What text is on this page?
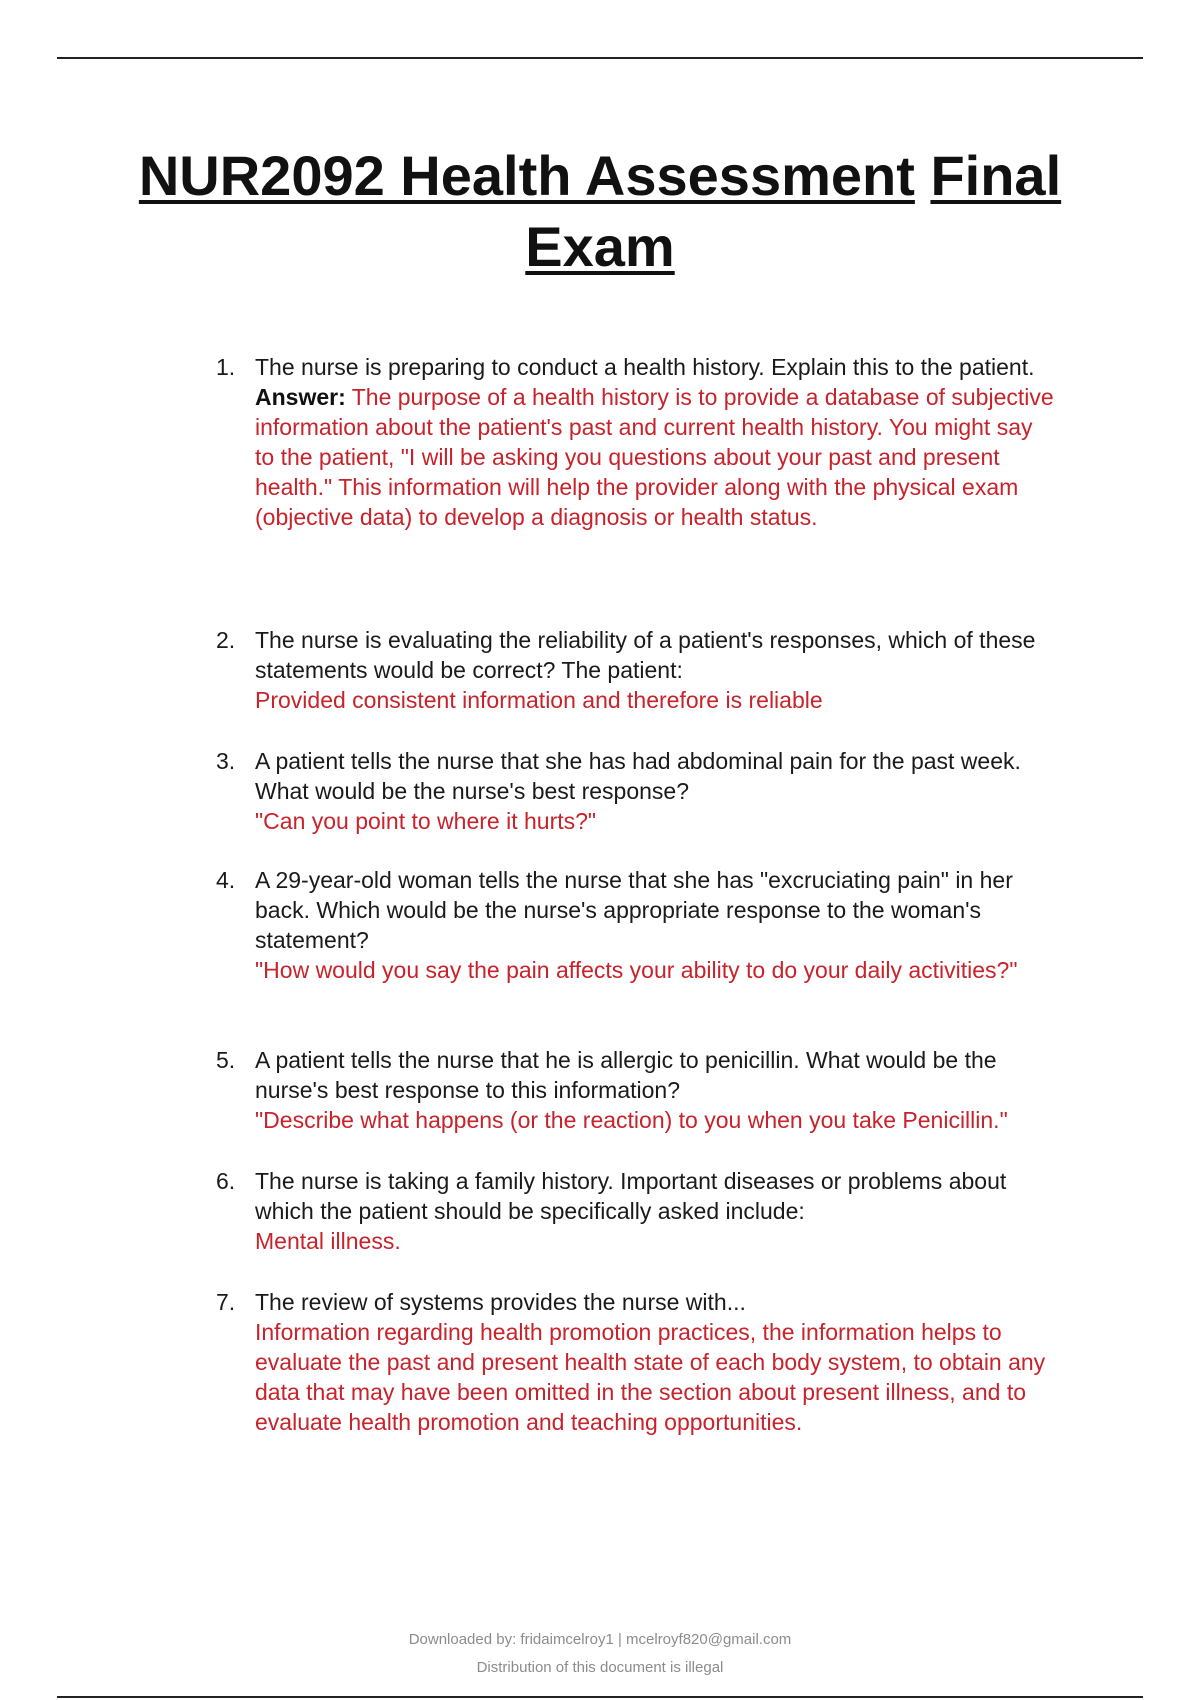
NUR2092 Health Assessment Final
Exam
1. The nurse is preparing to conduct a health history. Explain this to the patient.
Answer: The purpose of a health history is to provide a database of subjective information about the patient's past and current health history. You might say to the patient, "I will be asking you questions about your past and present health." This information will help the provider along with the physical exam (objective data) to develop a diagnosis or health status.
2. The nurse is evaluating the reliability of a patient's responses, which of these statements would be correct? The patient:
Provided consistent information and therefore is reliable
3. A patient tells the nurse that she has had abdominal pain for the past week. What would be the nurse's best response?
"Can you point to where it hurts?"
4. A 29-year-old woman tells the nurse that she has "excruciating pain" in her back. Which would be the nurse's appropriate response to the woman's statement?
"How would you say the pain affects your ability to do your daily activities?"
5. A patient tells the nurse that he is allergic to penicillin. What would be the nurse's best response to this information?
"Describe what happens (or the reaction) to you when you take Penicillin."
6. The nurse is taking a family history. Important diseases or problems about which the patient should be specifically asked include:
Mental illness.
7. The review of systems provides the nurse with...
Information regarding health promotion practices, the information helps to evaluate the past and present health state of each body system, to obtain any data that may have been omitted in the section about present illness, and to evaluate health promotion and teaching opportunities.
Downloaded by: fridaimcelroy1 | mcelroyf820@gmail.com
Distribution of this document is illegal
